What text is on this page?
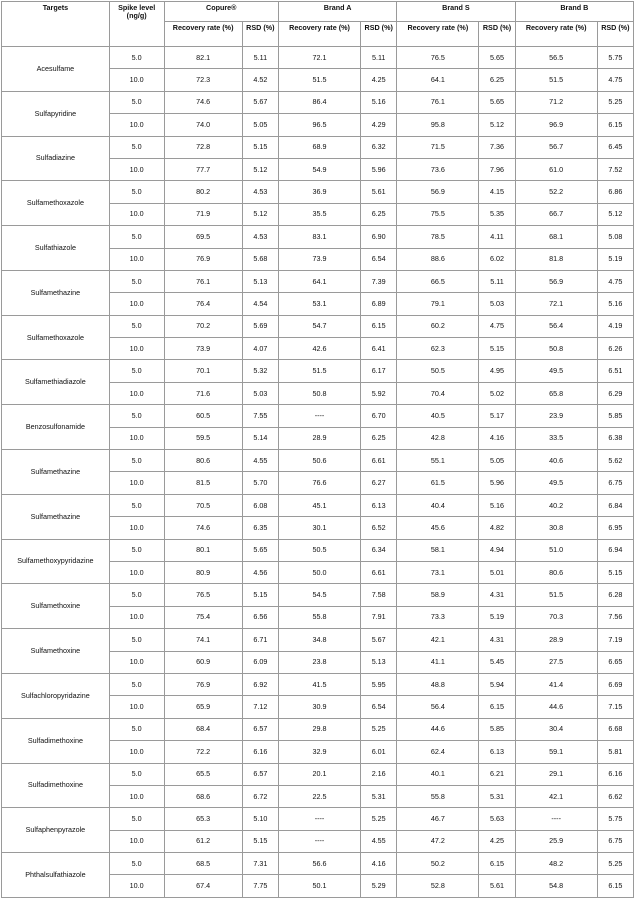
Targets	Spike level (ng/g)	Copure®		Brand A		Brand S		Brand B	
		Recovery rate (%)	RSD (%)	Recovery rate (%)	RSD (%)	Recovery rate (%)	RSD (%)	Recovery rate (%)	RSD (%)
Acesulfame	5.0	82.1	5.11	72.1	5.11	76.5	5.65	56.5	5.75
	10.0	72.3	4.52	51.5	4.25	64.1	6.25	51.5	4.75
Sulfapyridine	5.0	74.6	5.67	86.4	5.16	76.1	5.65	71.2	5.25
	10.0	74.0	5.05	96.5	4.29	95.8	5.12	96.9	6.15
Sulfadiazine	5.0	72.8	5.15	68.9	6.32	71.5	7.36	56.7	6.45
	10.0	77.7	5.12	54.9	5.96	73.6	7.96	61.0	7.52
Sulfamethoxazole	5.0	80.2	4.53	36.9	5.61	56.9	4.15	52.2	6.86
	10.0	71.9	5.12	35.5	6.25	75.5	5.35	66.7	5.12
Sulfathiazole	5.0	69.5	4.53	83.1	6.90	78.5	4.11	68.1	5.08
	10.0	76.9	5.68	73.9	6.54	88.6	6.02	81.8	5.19
Sulfamethazine	5.0	76.1	5.13	64.1	7.39	66.5	5.11	56.9	4.75
	10.0	76.4	4.54	53.1	6.89	79.1	5.03	72.1	5.16
Sulfamethoxazole	5.0	70.2	5.69	54.7	6.15	60.2	4.75	56.4	4.19
	10.0	73.9	4.07	42.6	6.41	62.3	5.15	50.8	6.26
Sulfamethiadiazole	5.0	70.1	5.32	51.5	6.17	50.5	4.95	49.5	6.51
	10.0	71.6	5.03	50.8	5.92	70.4	5.02	65.8	6.29
Benzosulfonamide	5.0	60.5	7.55	----	6.70	40.5	5.17	23.9	5.85
	10.0	59.5	5.14	28.9	6.25	42.8	4.16	33.5	6.38
Sulfamethazine	5.0	80.6	4.55	50.6	6.61	55.1	5.05	40.6	5.62
	10.0	81.5	5.70	76.6	6.27	61.5	5.96	49.5	6.75
Sulfamethazine	5.0	70.5	6.08	45.1	6.13	40.4	5.16	40.2	6.84
	10.0	74.6	6.35	30.1	6.52	45.6	4.82	30.8	6.95
Sulfamethoxypyridazine	5.0	80.1	5.65	50.5	6.34	58.1	4.94	51.0	6.94
	10.0	80.9	4.56	50.0	6.61	73.1	5.01	80.6	5.15
Sulfamethoxine	5.0	76.5	5.15	54.5	7.58	58.9	4.31	51.5	6.28
	10.0	75.4	6.56	55.8	7.91	73.3	5.19	70.3	7.56
Sulfamethoxine	5.0	74.1	6.71	34.8	5.67	42.1	4.31	28.9	7.19
	10.0	60.9	6.09	23.8	5.13	41.1	5.45	27.5	6.65
Sulfachloropyridazine	5.0	76.9	6.92	41.5	5.95	48.8	5.94	41.4	6.69
	10.0	65.9	7.12	30.9	6.54	56.4	6.15	44.6	7.15
Sulfadimethoxine	5.0	68.4	6.57	29.8	5.25	44.6	5.85	30.4	6.68
	10.0	72.2	6.16	32.9	6.01	62.4	6.13	59.1	5.81
Sulfadimethoxine	5.0	65.5	6.57	20.1	2.16	40.1	6.21	29.1	6.16
	10.0	68.6	6.72	22.5	5.31	55.8	5.31	42.1	6.62
Sulfaphenpyrazole	5.0	65.3	5.10	----	5.25	46.7	5.63	----	5.75
	10.0	61.2	5.15	----	4.55	47.2	4.25	25.9	6.75
Phthalsulfathiazole	5.0	68.5	7.31	56.6	4.16	50.2	6.15	48.2	5.25
	10.0	67.4	7.75	50.1	5.29	52.8	5.61	54.8	6.15
